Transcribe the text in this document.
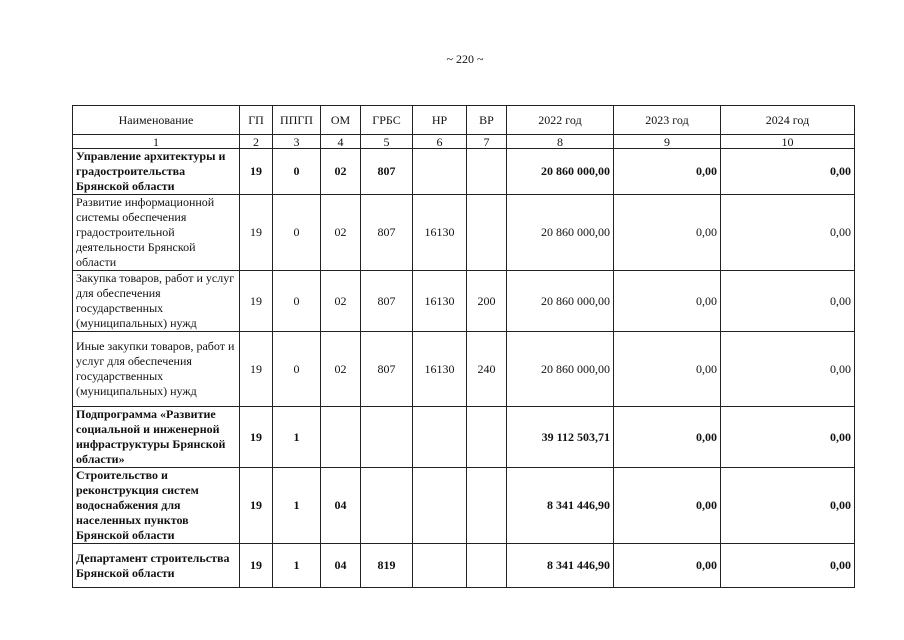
~ 220 ~
Наименование	ГП	ППГП	ОМ	ГРБС	НР	ВР	2022 год	2023 год	2024 год
1	2	3	4	5	6	7	8	9	10
Управление архитектуры и градостроительства Брянской области	19	0	02	807			20 860 000,00	0,00	0,00
Развитие информационной системы обеспечения градостроительной деятельности Брянской области	19	0	02	807	16130		20 860 000,00	0,00	0,00
Закупка товаров, работ и услуг для обеспечения государственных (муниципальных) нужд	19	0	02	807	16130	200	20 860 000,00	0,00	0,00
Иные закупки товаров, работ и услуг для обеспечения государственных (муниципальных) нужд	19	0	02	807	16130	240	20 860 000,00	0,00	0,00
Подпрограмма «Развитие социальной и инженерной инфраструктуры Брянской области»	19	1					39 112 503,71	0,00	0,00
Строительство и реконструкция систем водоснабжения для населенных пунктов Брянской области	19	1	04				8 341 446,90	0,00	0,00
Департамент строительства Брянской области	19	1	04	819			8 341 446,90	0,00	0,00
